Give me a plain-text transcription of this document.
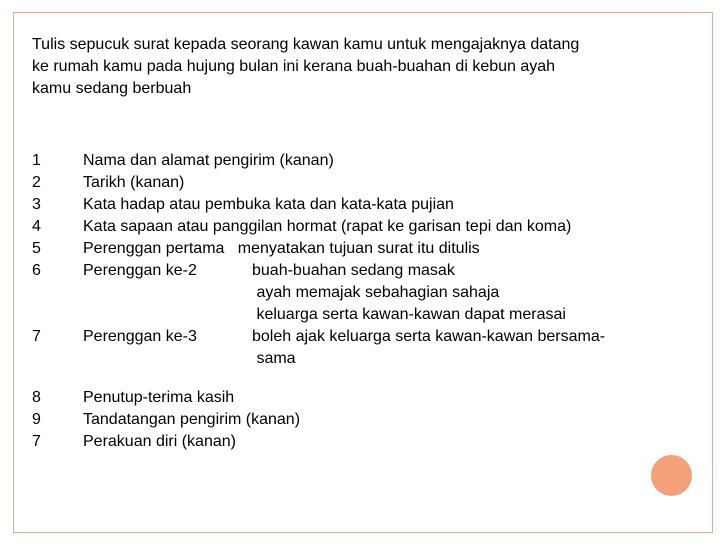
Tulis sepucuk surat kepada seorang kawan kamu untuk mengajaknya datang
ke rumah kamu pada hujung bulan ini kerana buah-buahan di kebun ayah
kamu sedang berbuah

1	Nama dan alamat pengirim (kanan)
2	Tarikh (kanan)
3	Kata hadap atau pembuka kata dan kata-kata pujian
4	Kata sapaan atau panggilan hormat (rapat ke garisan tepi dan koma)
5	Perenggan pertama   menyatakan tujuan surat itu ditulis
6	Perenggan ke-2	buah-buahan sedang masak
ayah memajak sebahagian sahaja
keluarga serta kawan-kawan dapat merasai
7	Perenggan ke-3	boleh ajak keluarga serta kawan-kawan bersama-
sama
8	Penutup-terima kasih
9	Tandatangan pengirim (kanan)
7	Perakuan diri (kanan)
